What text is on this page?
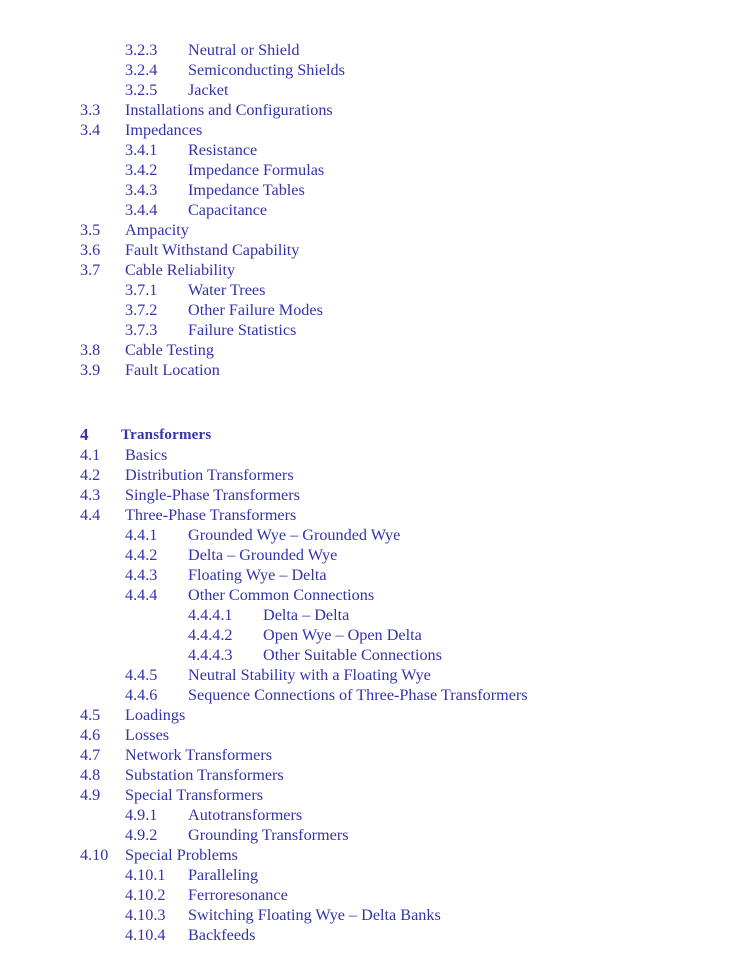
3.2.3 Neutral or Shield
3.2.4 Semiconducting Shields
3.2.5 Jacket
3.3 Installations and Configurations
3.4 Impedances
3.4.1 Resistance
3.4.2 Impedance Formulas
3.4.3 Impedance Tables
3.4.4 Capacitance
3.5 Ampacity
3.6 Fault Withstand Capability
3.7 Cable Reliability
3.7.1 Water Trees
3.7.2 Other Failure Modes
3.7.3 Failure Statistics
3.8 Cable Testing
3.9 Fault Location
4 Transformers
4.1 Basics
4.2 Distribution Transformers
4.3 Single-Phase Transformers
4.4 Three-Phase Transformers
4.4.1 Grounded Wye – Grounded Wye
4.4.2 Delta – Grounded Wye
4.4.3 Floating Wye – Delta
4.4.4 Other Common Connections
4.4.4.1 Delta – Delta
4.4.4.2 Open Wye – Open Delta
4.4.4.3 Other Suitable Connections
4.4.5 Neutral Stability with a Floating Wye
4.4.6 Sequence Connections of Three-Phase Transformers
4.5 Loadings
4.6 Losses
4.7 Network Transformers
4.8 Substation Transformers
4.9 Special Transformers
4.9.1 Autotransformers
4.9.2 Grounding Transformers
4.10 Special Problems
4.10.1 Paralleling
4.10.2 Ferroresonance
4.10.3 Switching Floating Wye – Delta Banks
4.10.4 Backfeeds
